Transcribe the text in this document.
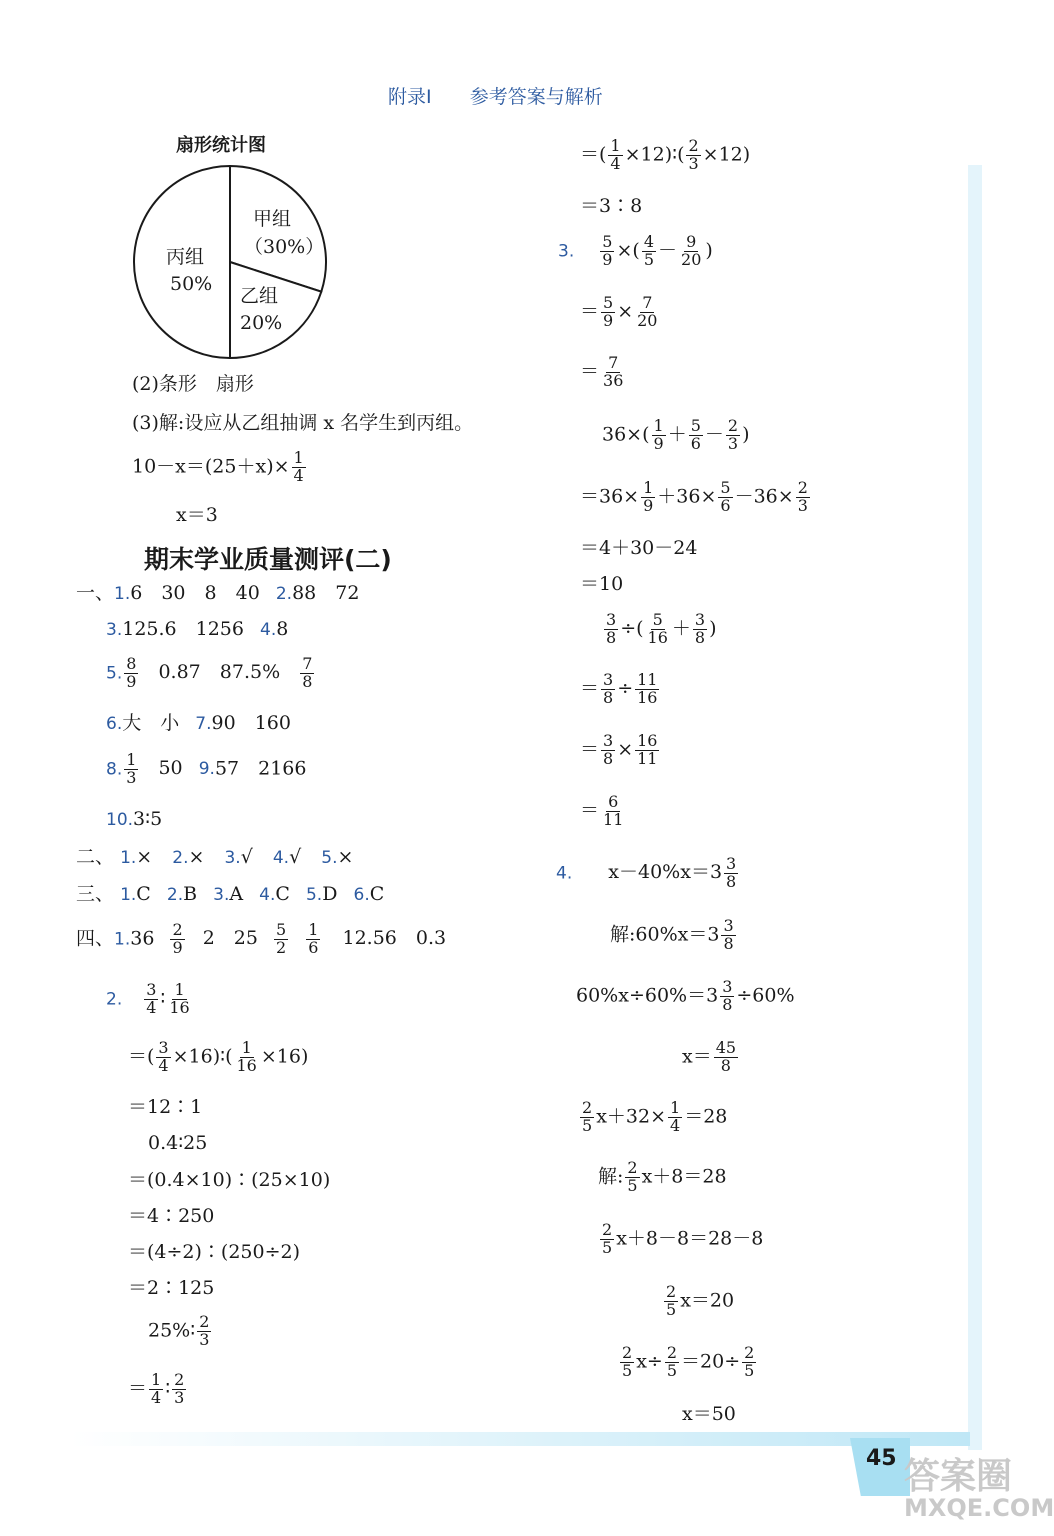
附录Ⅰ 参考答案与解析
扇形统计图
甲组
（30%）
乙组
20%
丙组
50%
(2)条形　扇形
(3)解:设应从乙组抽调 x 名学生到丙组。
$10-x=(25+x)\times \frac{1}{4}$
x＝3
期末学业质量测评(二)
一、1.6　30　8　40 2.88　72
3.125.6　1256 4.8
5. $\frac{8}{9} 0.87$　$87.5\% \frac{7}{8}$
6.大　小 7.90　160
8. $\frac{1}{3} 50$ 9.57　2166
10.3∶5
二、 1.× 2.× 3.√ 4.√ 5.×
三、 1.C 2.B 3.A 4.C 5.D 6.C
四、$1.36 \frac{2}{9} 2$　$25 \frac{5}{2}$
$\frac{1}{6} 12.56$　0.3
2. $\frac{3}{4}$ ∶ $\frac{1}{16}$
＝( $\frac{3}{4}$ ×16)∶( $\frac{1}{16} \times 16$)
＝12∶1
0.4∶25
＝(0.4×10)∶(25×10)
＝4∶250
＝(4÷2)∶(250÷2)
＝2∶125
25%∶ $\frac{2}{3}$
＝ $\frac{1}{4}$ ∶ $\frac{2}{3}$
＝( $\frac{1}{4}$ ×12)∶( $\frac{2}{3} \times 12$)
＝3∶8
3. $\frac{5}{9}$ ×( $\frac{4}{5} - \frac{9}{20}$ )
＝ $\frac{5}{9} \times \frac{7}{20}$
＝ $\frac{7}{36}$
$36\times( \frac{1}{9} + \frac{5}{6} - \frac{2}{3}$ )
$=36\times \frac{1}{9} +36\times \frac{5}{6} -36\times \frac{2}{3}$
＝4＋30－24
＝10
$\frac{3}{8}$ ÷( $\frac{5}{16} + \frac{3}{8}$ )
＝ $\frac{3}{8} \div \frac{11}{16}$
＝ $\frac{3}{8} \times \frac{16}{11}$
＝ $\frac{6}{11}$
4. $x-40\%x=3 \frac{3}{8}$
解:60%x＝3 $\frac{3}{8}$
$60\%x\div 60\%=3 \frac{3}{8} \div 60\%$
$x= \frac{45}{8}$
$\frac{2}{5} x+32\times \frac{1}{4} =28$
解: $\frac{2}{5} x+8=28$
$\frac{2}{5} x+8-8=28-8$
$\frac{2}{5} x=20$
$\frac{2}{5} x\div \frac{2}{5} =20\div \frac{2}{5}$
x＝50
45 答案圈
MXQE.COM
